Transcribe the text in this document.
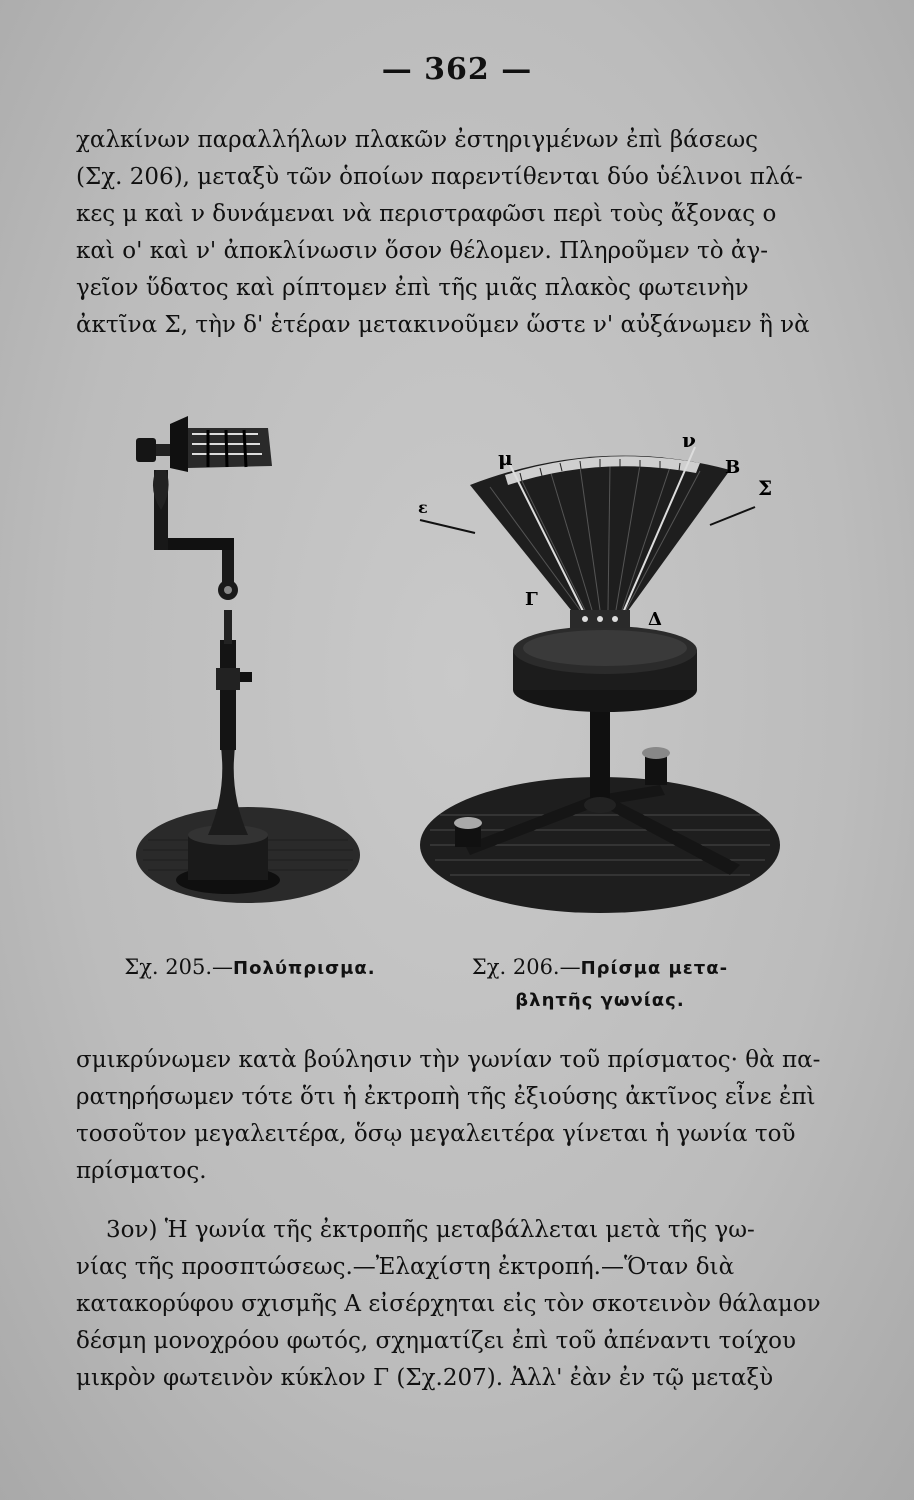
— 362 —
χαλκίνων παραλλήλων πλακῶν ἐστηριγμένων ἐπὶ βάσεως
(Σχ. 206), μεταξὺ τῶν ὁποίων παρεντίθενται δύο ὑέλινοι πλά-
κες μ καὶ ν δυνάμεναι νὰ περιστραφῶσι περὶ τοὺς ἄξονας ο
καὶ ο' καὶ ν' ἀποκλίνωσιν ὅσον θέλομεν. Πληροῦμεν τὸ ἀγ-
γεῖον ὕδατος καὶ ρίπτομεν ἐπὶ τῆς μιᾶς πλακὸς φωτεινὴν
ἀκτῖνα Σ, τὴν δ' ἑτέραν μετακινοῦμεν ὥστε ν' αὐξάνωμεν ἢ νὰ
μ
ν
Β
Σ
ε
Γ
Δ
Σχ. 205.—Πολύπρισμα.	Σχ. 206.—Πρίσμα μετα-
βλητῆς γωνίας.
σμικρύνωμεν κατὰ βούλησιν τὴν γωνίαν τοῦ πρίσματος· θὰ πα-
ρατηρήσωμεν τότε ὅτι ἡ ἐκτροπὴ τῆς ἐξιούσης ἀκτῖνος εἶνε ἐπὶ
τοσοῦτον μεγαλειτέρα, ὅσῳ μεγαλειτέρα γίνεται ἡ γωνία τοῦ
πρίσματος.
3ον) Ἡ γωνία τῆς ἐκτροπῆς μεταβάλλεται μετὰ τῆς γω-
νίας τῆς προσπτώσεως.—Ἐλαχίστη ἐκτροπή.—Ὅταν διὰ
κατακορύφου σχισμῆς Α εἰσέρχηται εἰς τὸν σκοτεινὸν θάλαμον
δέσμη μονοχρόου φωτός, σχηματίζει ἐπὶ τοῦ ἀπέναντι τοίχου
μικρὸν φωτεινὸν κύκλον Γ (Σχ.207). Ἀλλ' ἐὰν ἐν τῷ μεταξὺ
